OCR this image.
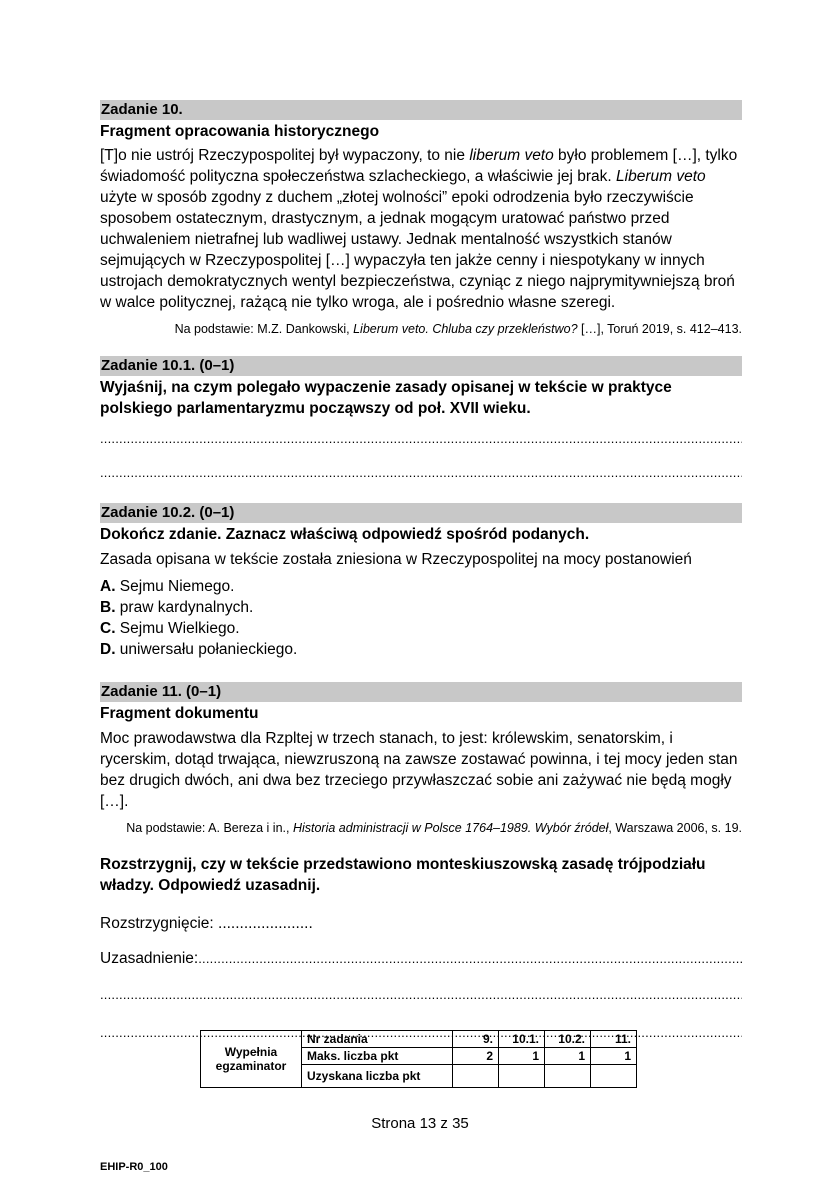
Zadanie 10.
Fragment opracowania historycznego
[T]o nie ustrój Rzeczypospolitej był wypaczony, to nie liberum veto było problemem […], tylko świadomość polityczna społeczeństwa szlacheckiego, a właściwie jej brak. Liberum veto użyte w sposób zgodny z duchem „złotej wolności” epoki odrodzenia było rzeczywiście sposobem ostatecznym, drastycznym, a jednak mogącym uratować państwo przed uchwaleniem nietrafnej lub wadliwej ustawy. Jednak mentalność wszystkich stanów sejmujących w Rzeczypospolitej […] wypaczyła ten jakże cenny i niespotykany w innych ustrojach demokratycznych wentyl bezpieczeństwa, czyniąc z niego najprymitywniejszą broń w walce politycznej, rażącą nie tylko wroga, ale i pośrednio własne szeregi.
Na podstawie: M.Z. Dankowski, Liberum veto. Chluba czy przekleństwo? […], Toruń 2019, s. 412–413.
Zadanie 10.1. (0–1)
Wyjaśnij, na czym polegało wypaczenie zasady opisanej w tekście w praktyce polskiego parlamentaryzmu począwszy od poł. XVII wieku.
.....
.....
Zadanie 10.2. (0–1)
Dokończ zdanie. Zaznacz właściwą odpowiedź spośród podanych.
Zasada opisana w tekście została zniesiona w Rzeczypospolitej na mocy postanowień
A. Sejmu Niemego.
B. praw kardynalnych.
C. Sejmu Wielkiego.
D. uniwersału połanieckiego.
Zadanie 11. (0–1)
Fragment dokumentu
Moc prawodawstwa dla Rzpltej w trzech stanach, to jest: królewskim, senatorskim, i rycerskim, dotąd trwająca, niewzruszoną na zawsze zostawać powinna, i tej mocy jeden stan bez drugich dwóch, ani dwa bez trzeciego przywłaszczać sobie ani zażywać nie będą mogły […].
Na podstawie: A. Bereza i in., Historia administracji w Polsce 1764–1989. Wybór źródeł, Warszawa 2006, s. 19.
Rozstrzygnij, czy w tekście przedstawiono monteskiuszowską zasadę trójpodziału władzy. Odpowiedź uzasadnij.
Rozstrzygnięcie: ......................
Uzasadnienie:
.....
.....
.....
Wypełnia egzaminator	Nr zadania	9.	10.1.	10.2.	11.
	Maks. liczba pkt	2	1	1	1
	Uzyskana liczba pkt				
Strona 13 z 35
EHIP-R0_100
